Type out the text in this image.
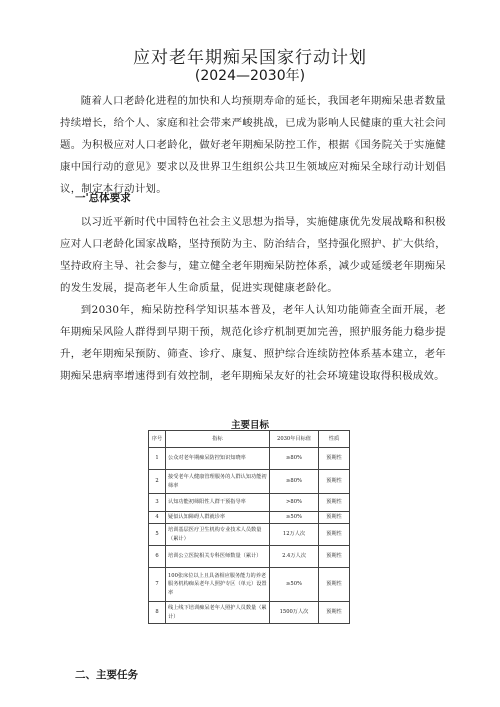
应对老年期痴呆国家行动计划
(2024—2030年)

随着人口老龄化进程的加快和人均预期寿命的延长，我国老年期痴呆患者数量持续增长，给个人、家庭和社会带来严峻挑战，已成为影响人民健康的重大社会问题。为积极应对人口老龄化，做好老年期痴呆防控工作，根据《国务院关于实施健康中国行动的意见》要求以及世界卫生组织公共卫生领域应对痴呆全球行动计划倡议，制定本行动计划。

一'总体要求

以习近平新时代中国特色社会主义思想为指导，实施健康优先发展战略和积极应对人口老龄化国家战略，坚持预防为主、防治结合，坚持强化照护、扩大供给，坚持政府主导、社会参与，建立健全老年期痴呆防控体系，减少或延缓老年期痴呆的发生发展，提高老年人生命质量，促进实现健康老龄化。

到2030年，痴呆防控科学知识基本普及，老年人认知功能筛查全面开展，老年期痴呆风险人群得到早期干预，规范化诊疗机制更加完善，照护服务能力稳步提升，老年期痴呆预防、筛查、诊疗、康复、照护综合连续防控体系基本建立，老年期痴呆患病率增速得到有效控制，老年期痴呆友好的社会环境建设取得积极成效。

主要目标
序号	指标	2030年目标值	性质
1	公众对老年期痴呆防控知识知晓率	≥80%	预期性
2	接受老年人健康管理服务的人群认知功能初筛率	≥80%	预期性
3	认知功能初筛阳性人群干预指导率	>80%	预期性
4	疑似认知障碍人群就诊率	≥50%	预期性
5	培训基层医疗卫生机构专业技术人员数量（累计）	12万人次	预期性
6	培训公立医院相关专科医师数量（累计）	2.4万人次	预期性
7	100张床位以上且具备相应服务能力的养老服务机构痴呆老年人照护专区（单元）设置率	≥50%	预期性
8	线上线下培训痴呆老年人照护人员数量（累计）	1500万人次	预期性

二、主要任务
